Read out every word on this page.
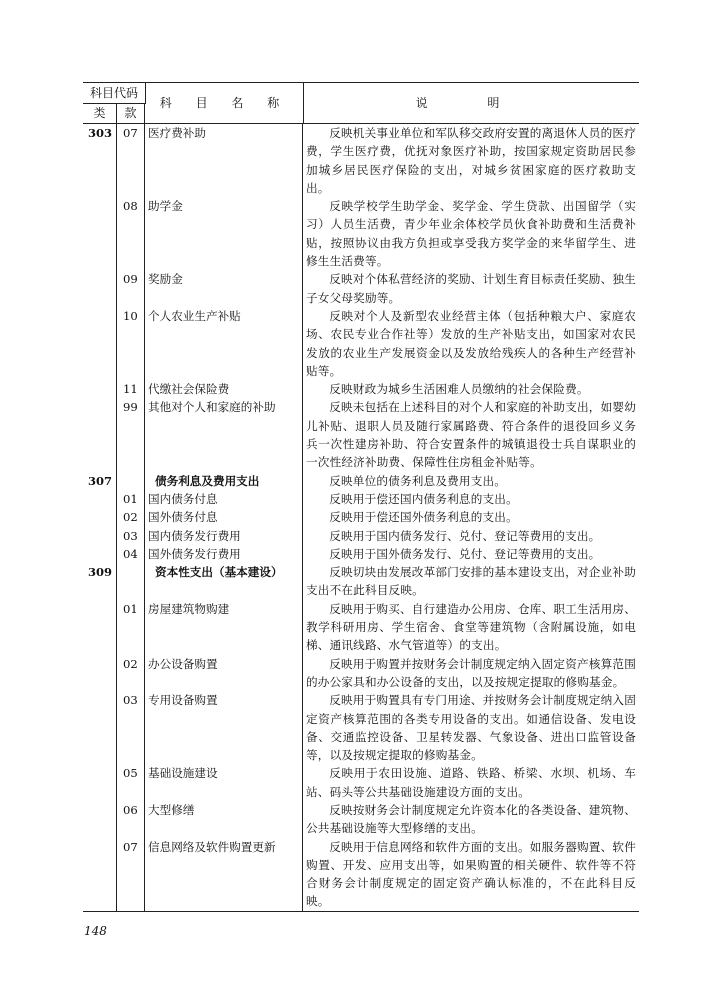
科目代码
类	款
科 目 名 称	说 明
303 07 医疗费补助	反映机关事业单位和军队移交政府安置的离退休人员的医疗费，学生医疗费，优抚对象医疗补助，按国家规定资助居民参加城乡居民医疗保险的支出，对城乡贫困家庭的医疗救助支出。
08 助学金	反映学校学生助学金、奖学金、学生贷款、出国留学（实习）人员生活费，青少年业余体校学员伙食补助费和生活费补贴，按照协议由我方负担或享受我方奖学金的来华留学生、进修生生活费等。
09 奖励金	反映对个体私营经济的奖励、计划生育目标责任奖励、独生子女父母奖励等。
10 个人农业生产补贴	反映对个人及新型农业经营主体（包括种粮大户、家庭农场、农民专业合作社等）发放的生产补贴支出，如国家对农民发放的农业生产发展资金以及发放给残疾人的各种生产经营补贴等。
11 代缴社会保险费	反映财政为城乡生活困难人员缴纳的社会保险费。
99 其他对个人和家庭的补助	反映未包括在上述科目的对个人和家庭的补助支出，如婴幼儿补贴、退职人员及随行家属路费、符合条件的退役回乡义务兵一次性建房补助、符合安置条件的城镇退役士兵自谋职业的一次性经济补助费、保障性住房租金补贴等。
307	债务利息及费用支出	反映单位的债务利息及费用支出。
01 国内债务付息	反映用于偿还国内债务利息的支出。
02 国外债务付息	反映用于偿还国外债务利息的支出。
03 国内债务发行费用	反映用于国内债务发行、兑付、登记等费用的支出。
04 国外债务发行费用	反映用于国外债务发行、兑付、登记等费用的支出。
309	资本性支出（基本建设）	反映切块由发展改革部门安排的基本建设支出，对企业补助支出不在此科目反映。
01 房屋建筑物购建	反映用于购买、自行建造办公用房、仓库、职工生活用房、教学科研用房、学生宿舍、食堂等建筑物（含附属设施，如电梯、通讯线路、水气管道等）的支出。
02 办公设备购置	反映用于购置并按财务会计制度规定纳入固定资产核算范围的办公家具和办公设备的支出，以及按规定提取的修购基金。
03 专用设备购置	反映用于购置具有专门用途、并按财务会计制度规定纳入固定资产核算范围的各类专用设备的支出。如通信设备、发电设备、交通监控设备、卫星转发器、气象设备、进出口监管设备等，以及按规定提取的修购基金。
05 基础设施建设	反映用于农田设施、道路、铁路、桥梁、水坝、机场、车站、码头等公共基础设施建设方面的支出。
06 大型修缮	反映按财务会计制度规定允许资本化的各类设备、建筑物、公共基础设施等大型修缮的支出。
07 信息网络及软件购置更新	反映用于信息网络和软件方面的支出。如服务器购置、软件购置、开发、应用支出等，如果购置的相关硬件、软件等不符合财务会计制度规定的固定资产确认标准的，不在此科目反映。
148
